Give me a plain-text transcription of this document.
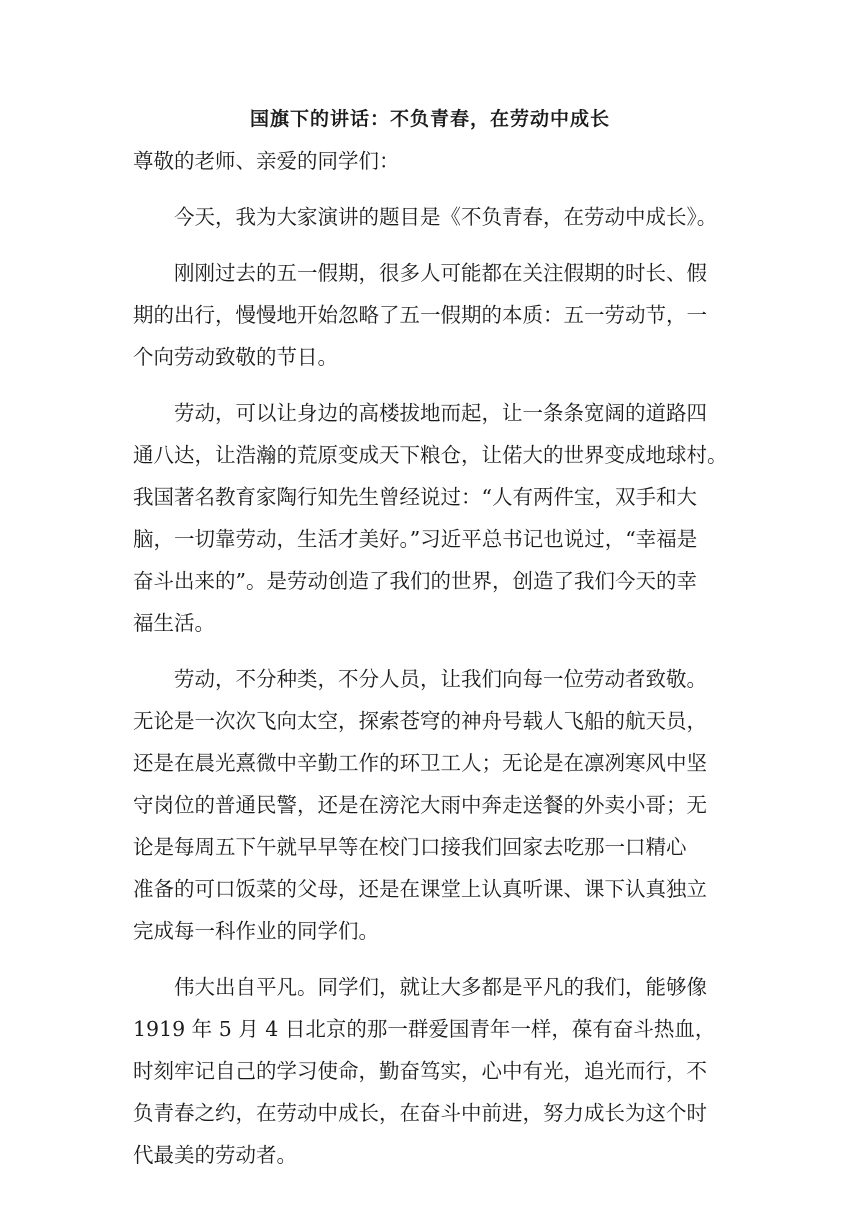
国旗下的讲话：不负青春，在劳动中成长
尊敬的老师、亲爱的同学们：
今天，我为大家演讲的题目是《不负青春，在劳动中成长》。
刚刚过去的五一假期，很多人可能都在关注假期的时长、假
期的出行，慢慢地开始忽略了五一假期的本质：五一劳动节，一
个向劳动致敬的节日。
劳动，可以让身边的高楼拔地而起，让一条条宽阔的道路四
通八达，让浩瀚的荒原变成天下粮仓，让偌大的世界变成地球村。
我国著名教育家陶行知先生曾经说过：“人有两件宝，双手和大
脑，一切靠劳动，生活才美好。”习近平总书记也说过，“幸福是
奋斗出来的”。是劳动创造了我们的世界，创造了我们今天的幸
福生活。
劳动，不分种类，不分人员，让我们向每一位劳动者致敬。
无论是一次次飞向太空，探索苍穹的神舟号载人飞船的航天员，
还是在晨光熹微中辛勤工作的环卫工人；无论是在凛冽寒风中坚
守岗位的普通民警，还是在滂沱大雨中奔走送餐的外卖小哥；无
论是每周五下午就早早等在校门口接我们回家去吃那一口精心
准备的可口饭菜的父母，还是在课堂上认真听课、课下认真独立
完成每一科作业的同学们。
伟大出自平凡。同学们，就让大多都是平凡的我们，能够像
1919 年 5 月 4 日北京的那一群爱国青年一样，葆有奋斗热血，
时刻牢记自己的学习使命，勤奋笃实，心中有光，追光而行，不
负青春之约，在劳动中成长，在奋斗中前进，努力成长为这个时
代最美的劳动者。
